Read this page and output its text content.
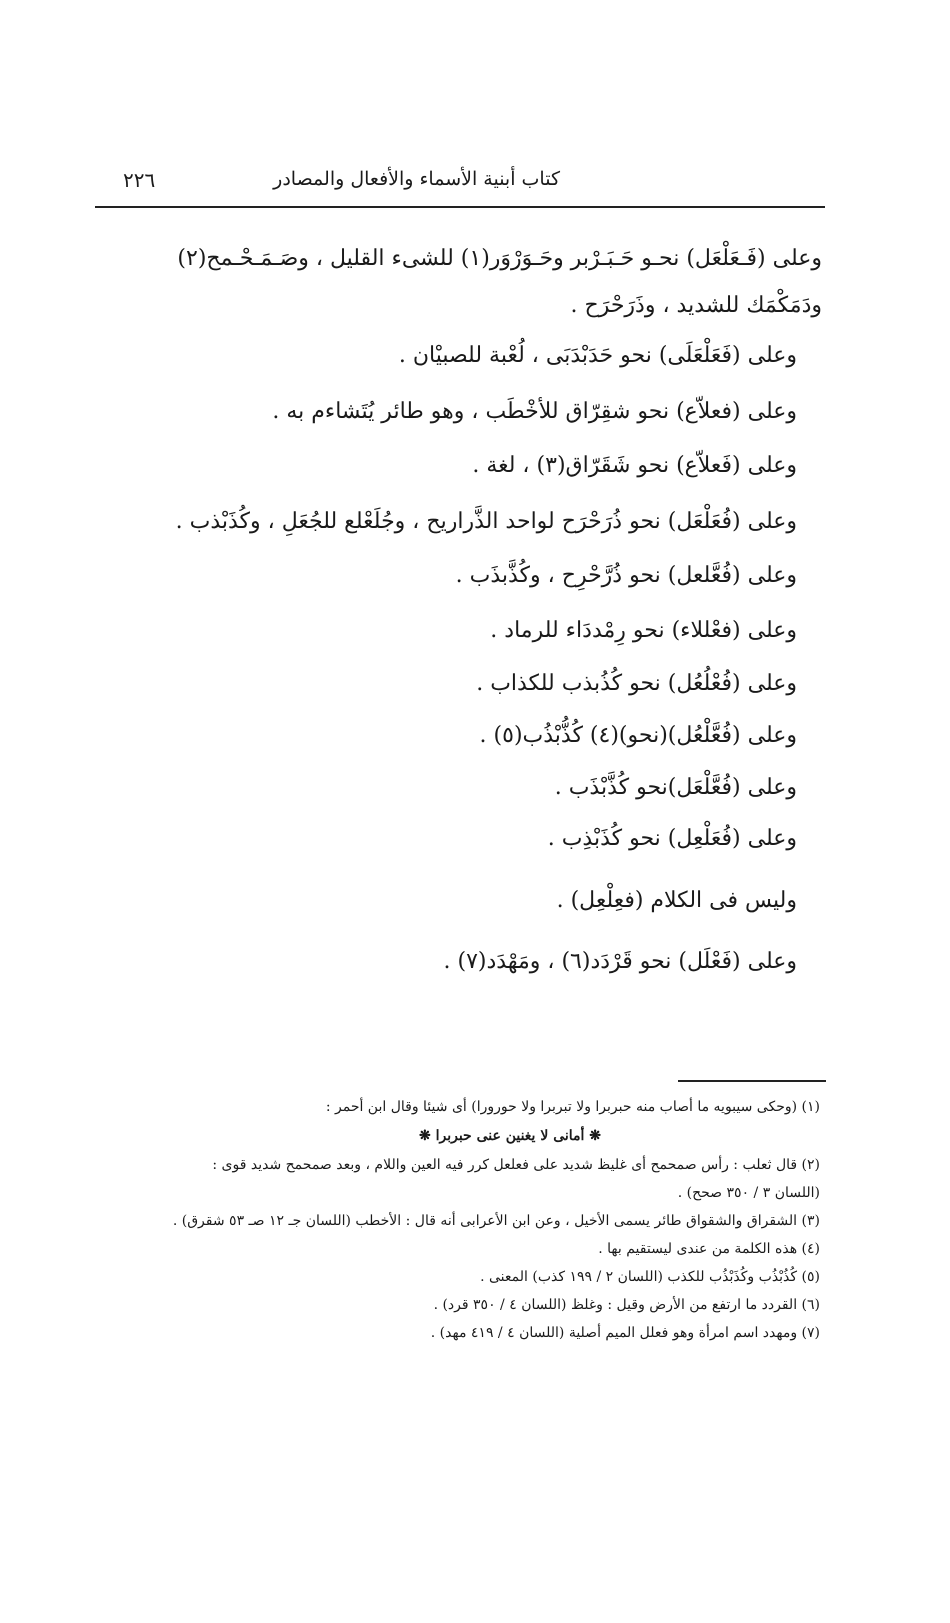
كتاب أبنية الأسماء والأفعال والمصادر
٢٢٦
وعلى (فَـعَلْعَل) نحـو حَـبَـرْبر وحَـوَرْوَر(١) للشىء القليل ، وصَـمَـحْـمح(٢)
ودَمَكْمَك للشديد ، وذَرَحْرَح .
وعلى (فَعَلْعَلَى) نحو حَدَبْدَبَى ، لُعْبة للصبيْان .
وعلى (فعلاّع) نحو شقِرّاق للأخْطَب ، وهو طائر يُتَشاءم به .
وعلى (فَعلاّع) نحو شَقَرّاق(٣) ، لغة .
وعلى (فُعَلْعَل) نحو ذُرَحْرَح لواحد الذَّراريح ، وجُلَعْلع للجُعَلِ ، وكُذَبْذب .
وعلى (فُعَّلعل) نحو ذُرَّحْرِح ، وكُذَّبذَب .
وعلى (فعْللاء) نحو رِمْددَاء للرماد .
وعلى (فُعْلُعُل) نحو كُذُبذب للكذاب .
وعلى (فُعَّلْعُل)(نحو)(٤) كُذُّبْذُب(٥) .
وعلى (فُعَّلْعَل)نحو كُذَّبْذَب .
وعلى (فُعَلْعِل) نحو كُذَبْذِب .
وليس فى الكلام (فعِلْعِل) .
وعلى (فَعْلَل) نحو قَرْدَد(٦) ، ومَهْدَد(٧) .
(١) (وحكى سيبويه ما أصاب منه حبربرا ولا تبربرا ولا حورورا) أى شيئا وقال ابن أحمر :
❋ أمانى لا يغنين عنى حبربرا ❋
(٢) قال ثعلب : رأس صمحمح أى غليظ شديد على فعلعل كرر فيه العين واللام ، وبعد صمحمح شديد قوى :
(اللسان ٣ / ٣٥٠ صحح) .
(٣) الشقراق والشقواق طائر يسمى الأخيل ، وعن ابن الأعرابى أنه قال : الأخطب (اللسان جـ ١٢ صـ ٥٣ شقرق) .
(٤) هذه الكلمة من عندى ليستقيم بها .
(٥) كُذُبْذُب وكُذَبْذُب للكذب (اللسان ٢ / ١٩٩ كذب) المعنى .
(٦) القردد ما ارتفع من الأرض وقيل : وغلظ (اللسان ٤ / ٣٥٠ قرد) .
(٧) ومهدد اسم امرأة وهو فعلل الميم أصلية (اللسان ٤ / ٤١٩ مهد) .
